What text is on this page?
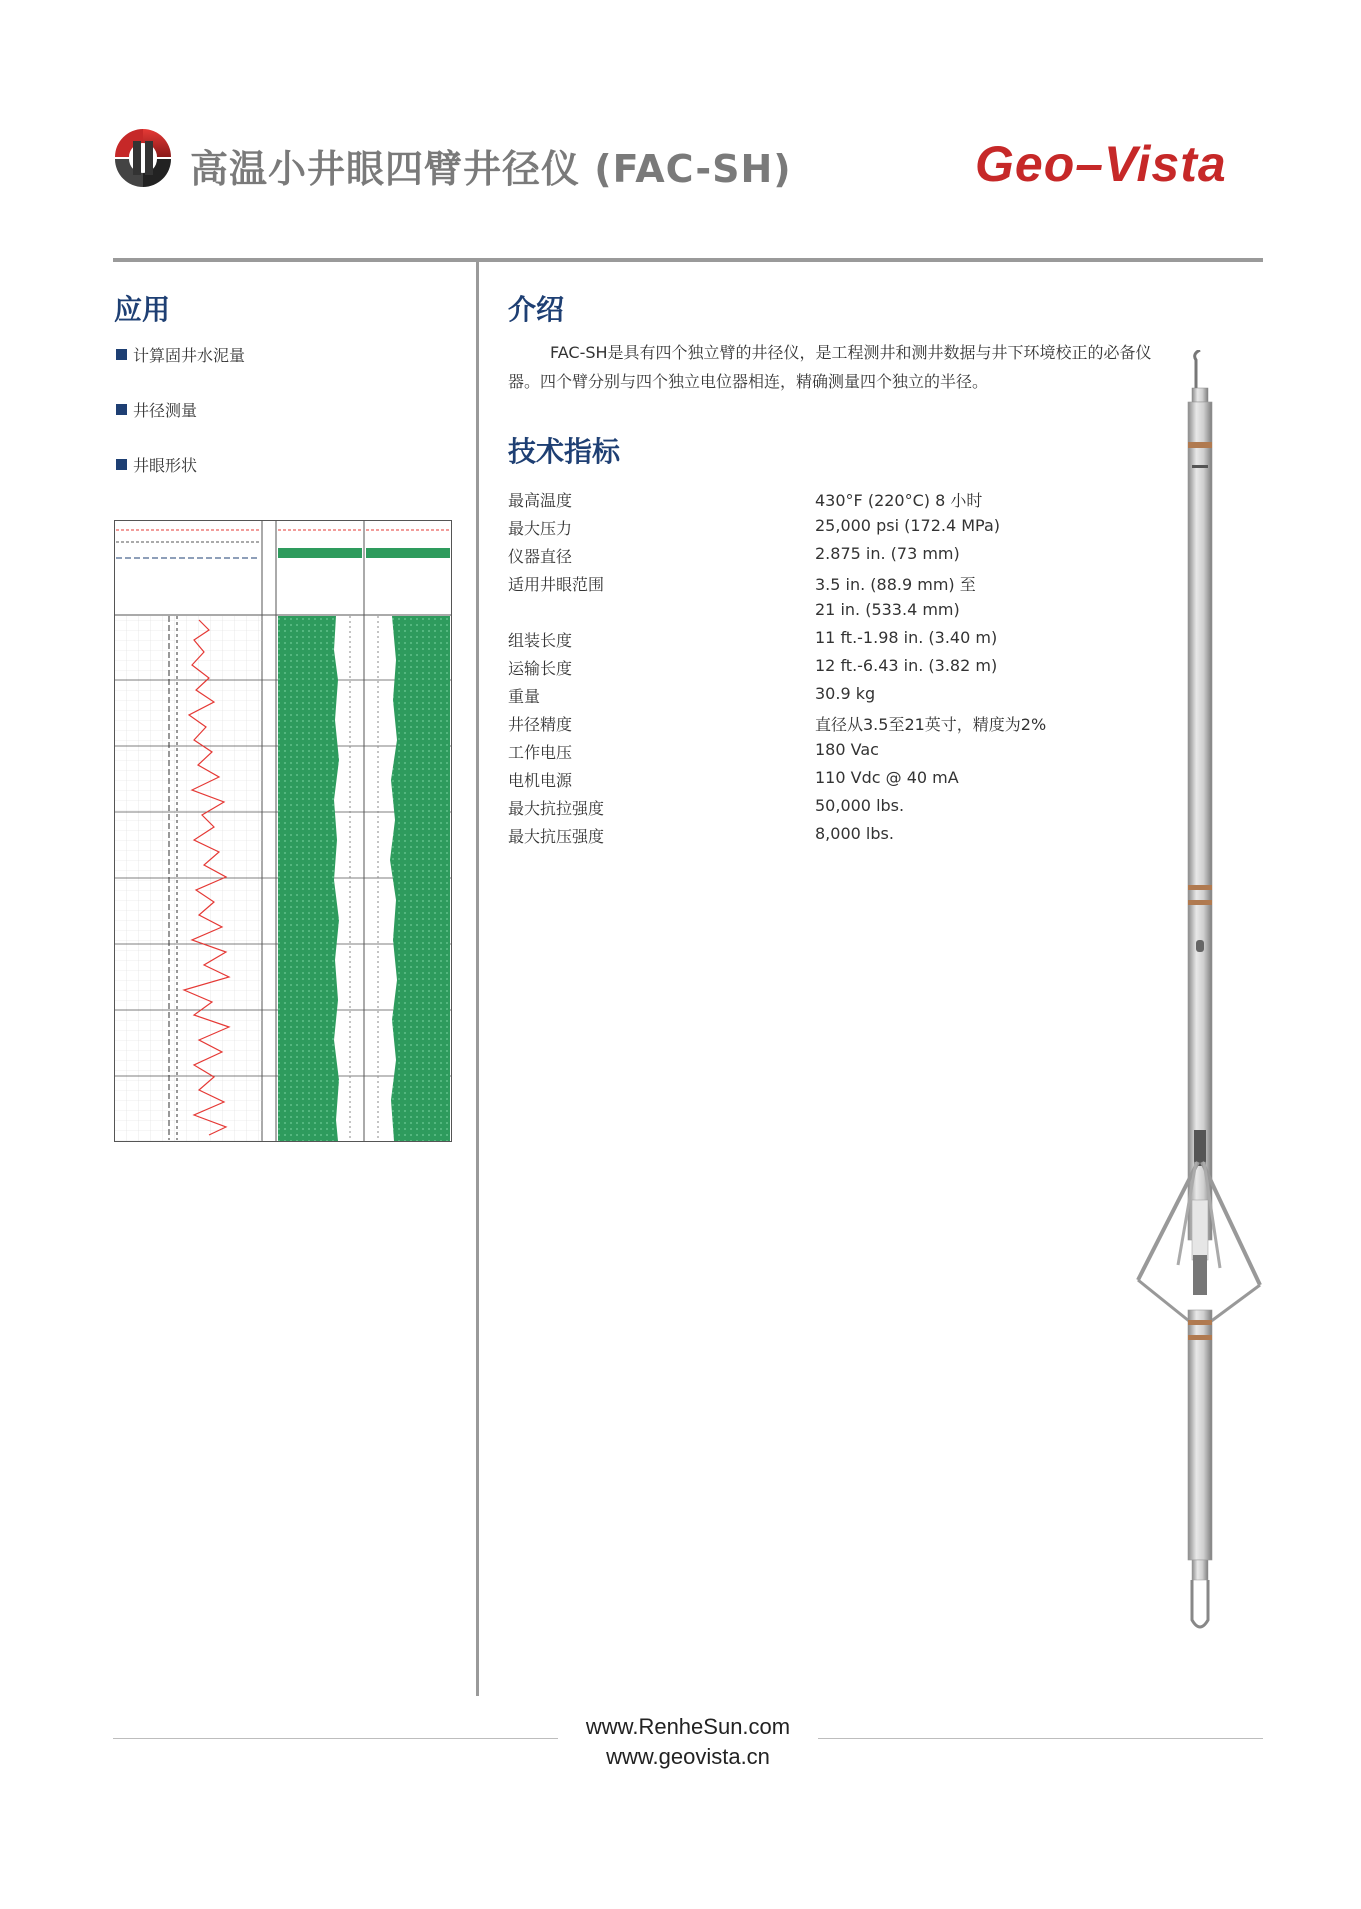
高温小井眼四臂井径仪 (FAC-SH)	Geo–Vista
应用
计算固井水泥量
井径测量
井眼形状
介绍
FAC-SH是具有四个独立臂的井径仪，是工程测井和测井数据与井下环境校正的必备仪器。四个臂分别与四个独立电位器相连，精确测量四个独立的半径。
技术指标
最高温度	430°F (220°C) 8 小时
最大压力	25,000 psi (172.4 MPa)
仪器直径	2.875 in. (73 mm)
适用井眼范围	3.5 in. (88.9 mm) 至
21 in. (533.4 mm)
组装长度	11 ft.-1.98 in. (3.40 m)
运输长度	12 ft.-6.43 in. (3.82 m)
重量	30.9 kg
井径精度	直径从3.5至21英寸，精度为2%
工作电压	180 Vac
电机电源	110 Vdc @ 40 mA
最大抗拉强度	50,000 lbs.
最大抗压强度	8,000 lbs.
www.RenheSun.com
www.geovista.cn
